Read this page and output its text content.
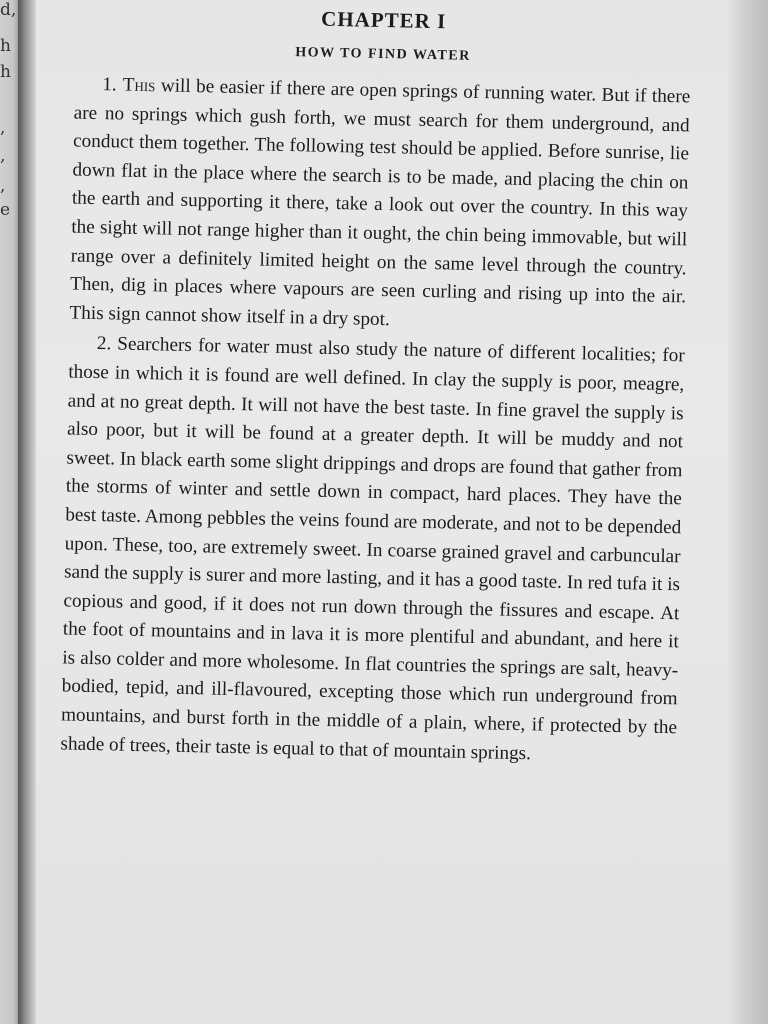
d,
h
h
,
,
,
e
CHAPTER I
HOW TO FIND WATER

1. This will be easier if there are open springs of running water. But if there are no springs which gush forth, we must search for them underground, and conduct them together. The following test should be applied. Before sunrise, lie down flat in the place where the search is to be made, and placing the chin on the earth and supporting it there, take a look out over the country. In this way the sight will not range higher than it ought, the chin being immovable, but will range over a definitely limited height on the same level through the country. Then, dig in places where vapours are seen curling and rising up into the air. This sign cannot show itself in a dry spot.

2. Searchers for water must also study the nature of different localities; for those in which it is found are well defined. In clay the supply is poor, meagre, and at no great depth. It will not have the best taste. In fine gravel the supply is also poor, but it will be found at a greater depth. It will be muddy and not sweet. In black earth some slight drippings and drops are found that gather from the storms of winter and settle down in compact, hard places. They have the best taste. Among pebbles the veins found are moderate, and not to be depended upon. These, too, are extremely sweet. In coarse grained gravel and carbuncular sand the supply is surer and more lasting, and it has a good taste. In red tufa it is copious and good, if it does not run down through the fissures and escape. At the foot of mountains and in lava it is more plentiful and abundant, and here it is also colder and more wholesome. In flat countries the springs are salt, heavy-bodied, tepid, and ill-flavoured, excepting those which run underground from mountains, and burst forth in the middle of a plain, where, if protected by the shade of trees, their taste is equal to that of mountain springs.
